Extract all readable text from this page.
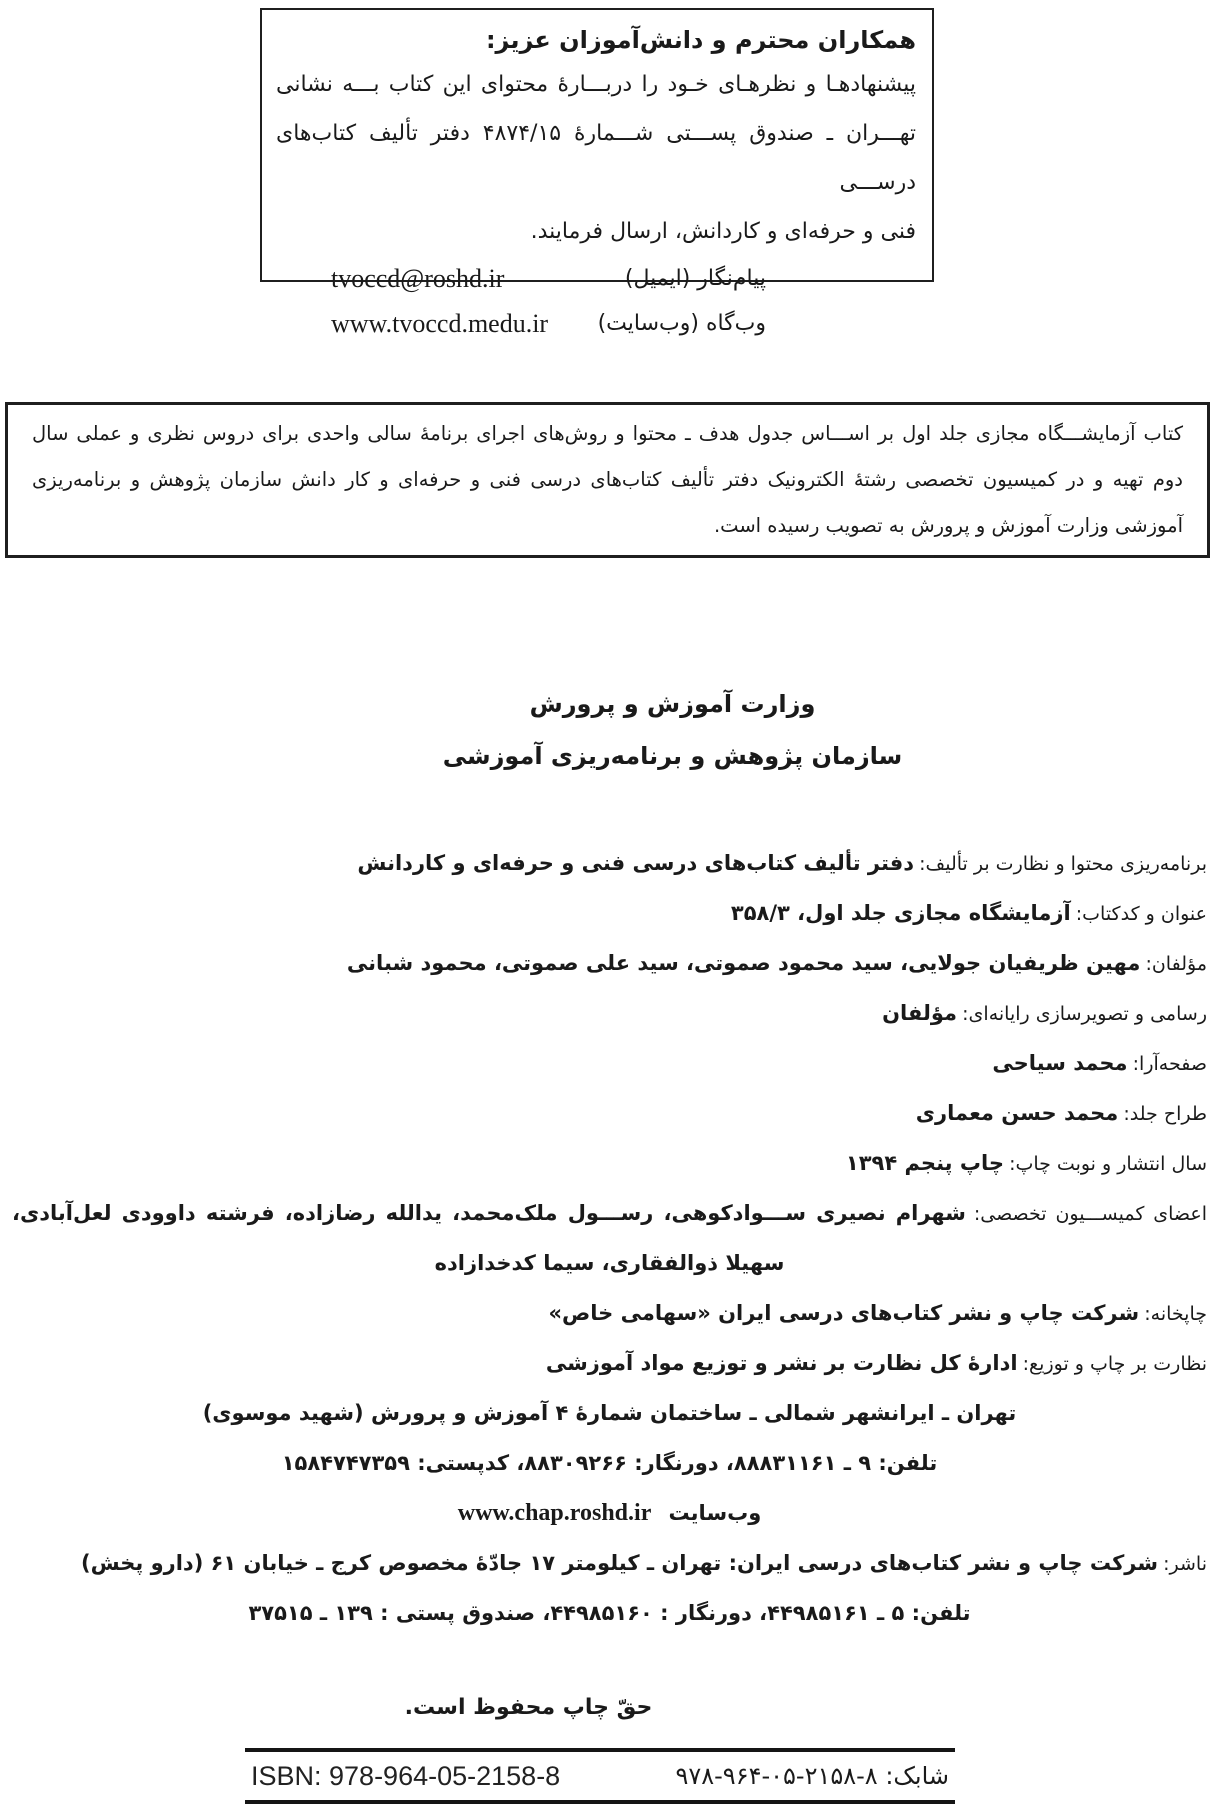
همکاران محترم و دانش‌آموزان عزیز:
پیشنهادهـا و نظرهـای خـود را دربـــارهٔ محتوای این کتاب بـــه نشانی
تهـــران ـ صندوق پســـتی شـــمارهٔ ۴۸۷۴/۱۵ دفتر تألیف کتاب‌های درســـی
فنی و حرفه‌ای و کاردانش، ارسال فرمایند.
پیام‌نگار (ایمیل)
tvoccd@roshd.ir
وب‌گاه (وب‌سایت)
www.tvoccd.medu.ir
کتاب آزمایشـــگاه مجازی جلد اول بر اســـاس جدول هدف ـ محتوا و روش‌های اجرای برنامهٔ سالی واحدی برای دروس نظری و عملی سال
دوم تهیه و در کمیسیون تخصصی رشتهٔ الکترونیک دفتر تألیف کتاب‌های درسی فنی و حرفه‌ای و کار دانش سازمان پژوهش و برنامه‌ریزی
آموزشی وزارت آموزش و پرورش به تصویب رسیده است.
وزارت آموزش و پرورش
سازمان پژوهش و برنامه‌ریزی آموزشی
برنامه‌ریزی محتوا و نظارت بر تألیف: دفتر تألیف کتاب‌های درسی فنی و حرفه‌ای و کاردانش
عنوان و کدکتاب: آزمایشگاه مجازی جلد اول، ۳۵۸/۳
مؤلفان: مهین ظریفیان جولایی، سید محمود صموتی، سید علی صموتی، محمود شبانی
رسامی و تصویرسازی رایانه‌ای: مؤلفان
صفحه‌آرا: محمد سیاحی
طراح جلد: محمد حسن معماری
سال انتشار و نوبت چاپ: چاپ پنجم ۱۳۹۴
اعضای کمیســـیون تخصصی: شهرام نصیری ســـوادکوهی، رســـول ملک‌محمد، یدالله رضازاده، فرشته داوودی لعل‌آبادی،
سهیلا ذوالفقاری، سیما کدخدازاده
چاپخانه: شرکت چاپ و نشر کتاب‌های درسی ایران «سهامی خاص»
نظارت بر چاپ و توزیع: ادارهٔ کل نظارت بر نشر و توزیع مواد آموزشی
تهران ـ ایرانشهر شمالی ـ ساختمان شمارهٔ ۴ آموزش و پرورش (شهید موسوی)
تلفن: ۹ ـ ۸۸۸۳۱۱۶۱، دورنگار: ۸۸۳۰۹۲۶۶، کدپستی: ۱۵۸۴۷۴۷۳۵۹
وب‌سایت www.chap.roshd.ir
ناشر: شرکت چاپ و نشر کتاب‌های درسی ایران: تهران ـ کیلومتر ۱۷ جادّهٔ مخصوص کرج ـ خیابان ۶۱ (دارو پخش)
تلفن: ۵ ـ ۴۴۹۸۵۱۶۱، دورنگار : ۴۴۹۸۵۱۶۰، صندوق پستی : ۱۳۹ ـ ۳۷۵۱۵
حقّ چاپ محفوظ است.
شابک: ۹۷۸-۹۶۴-۰۵-۲۱۵۸-۸
ISBN: 978-964-05-2158-8
